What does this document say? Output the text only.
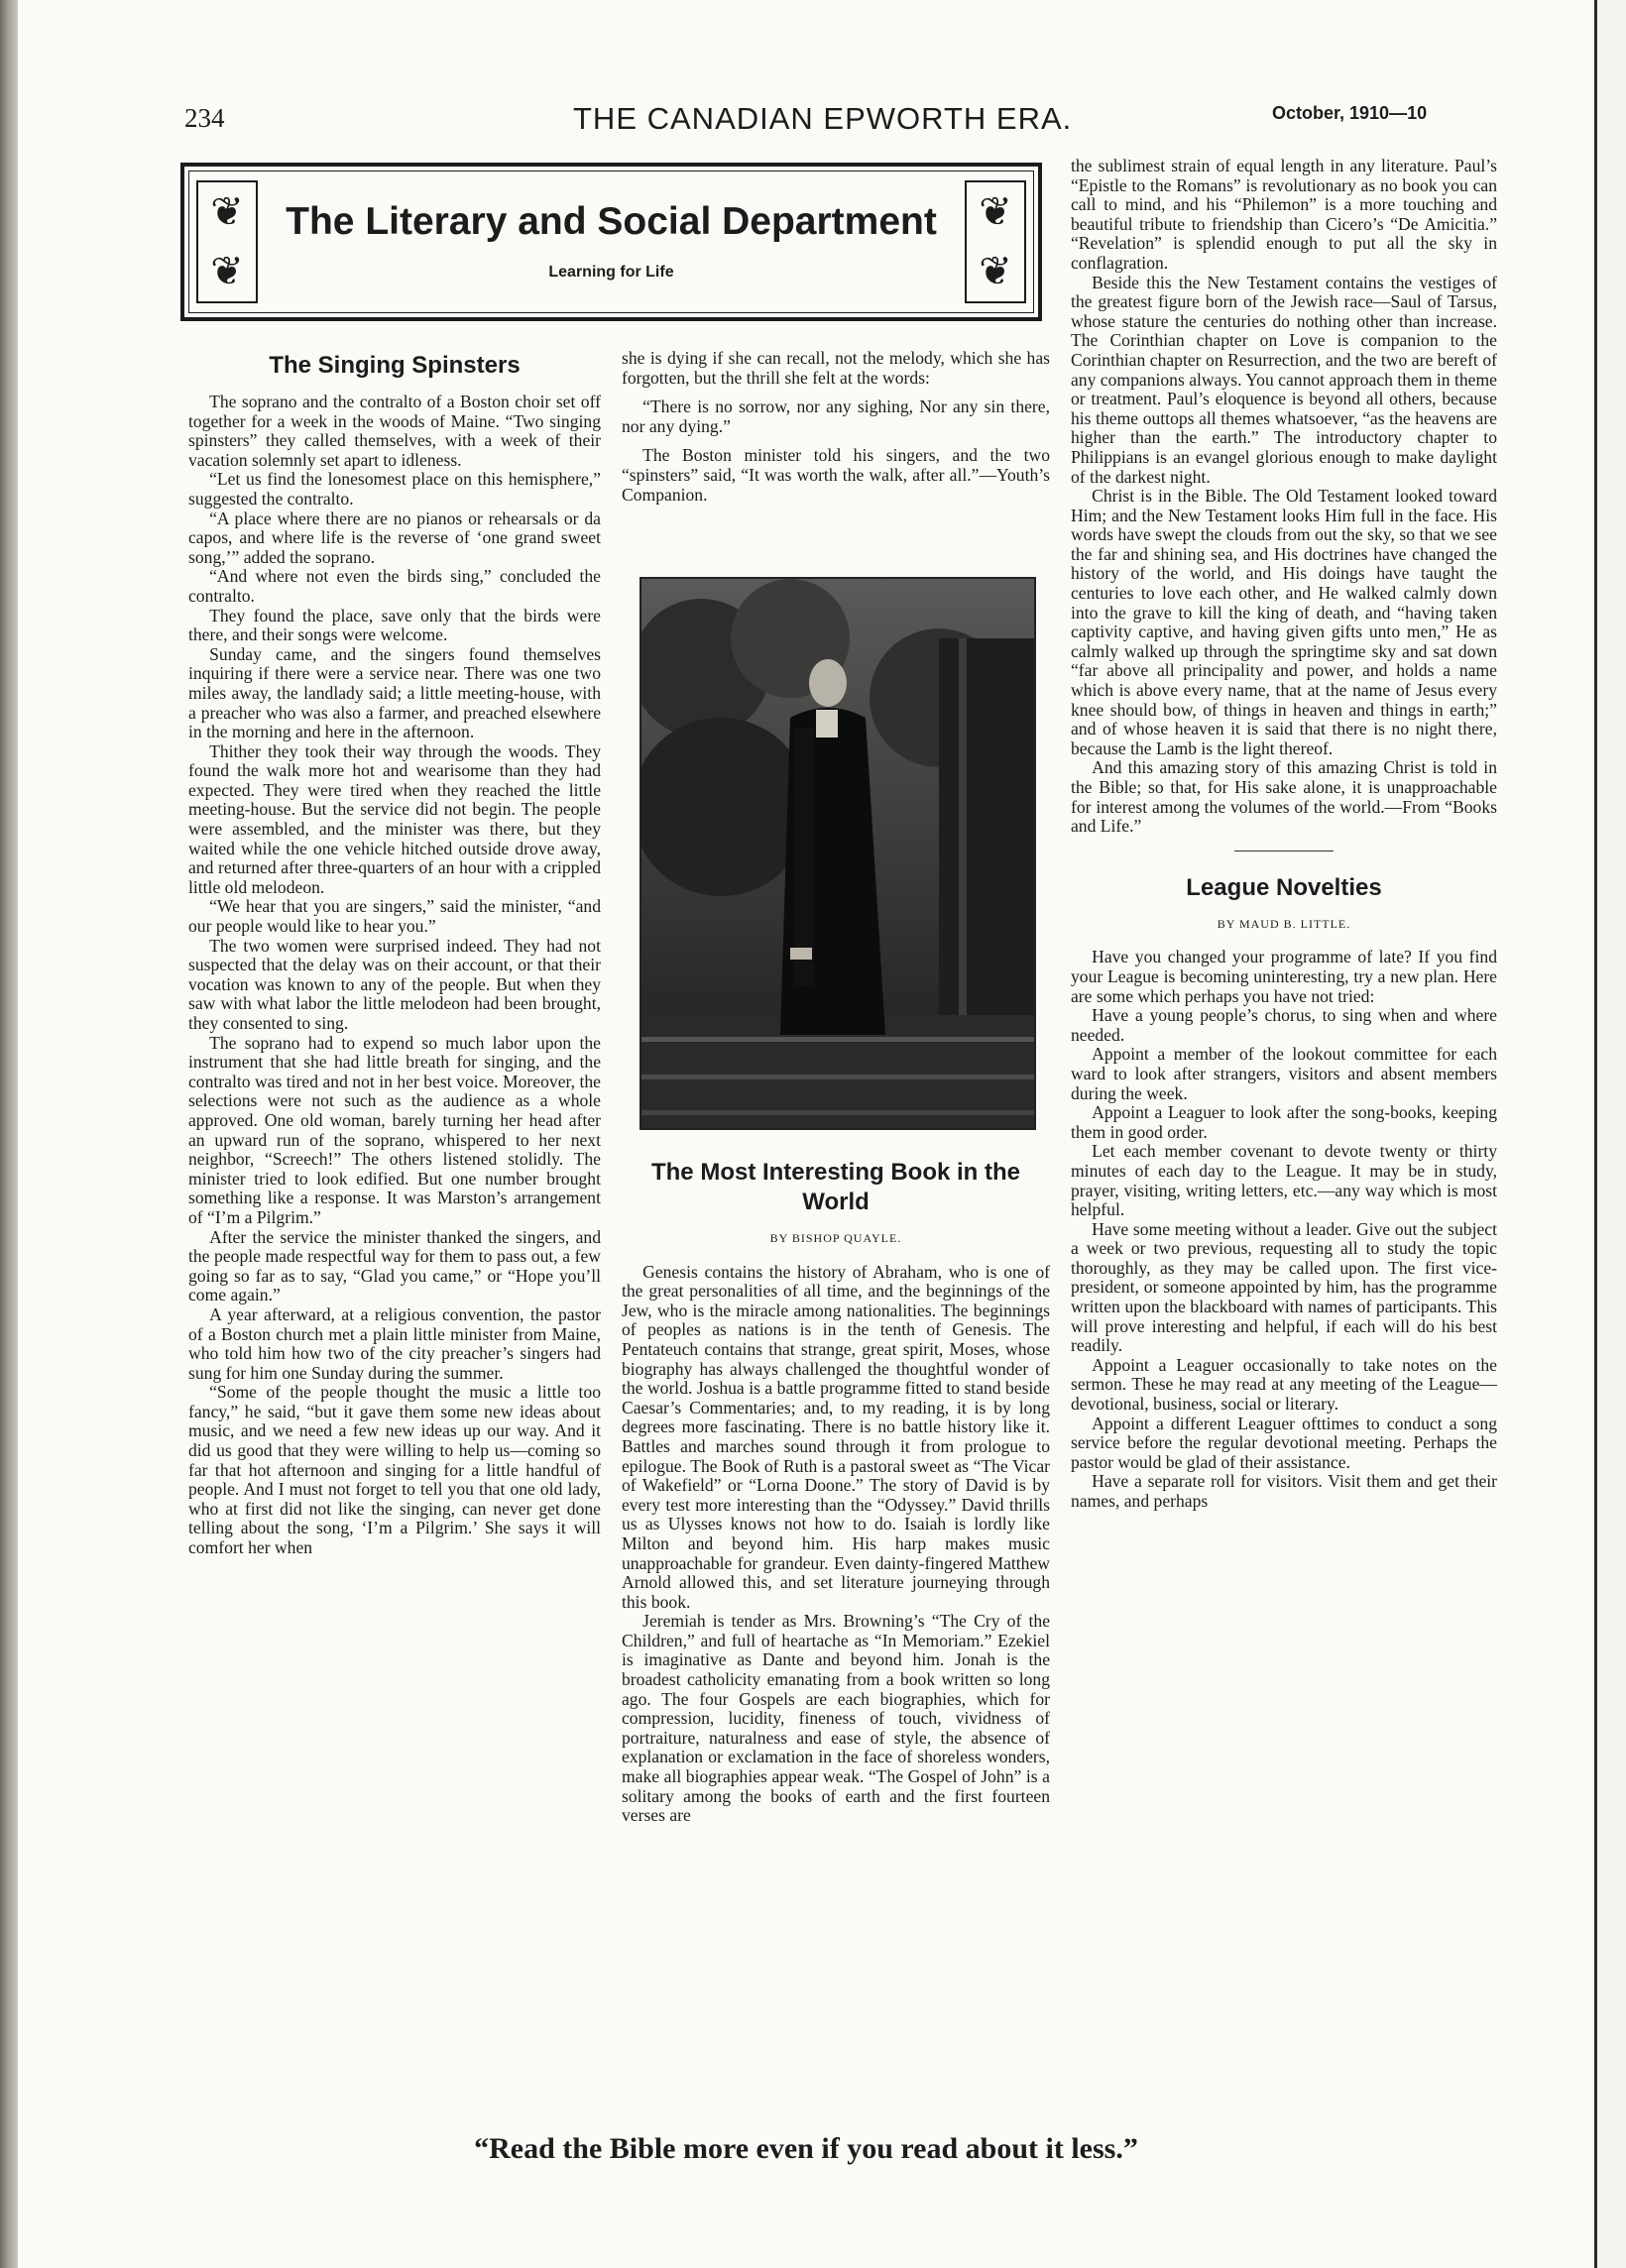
234	THE CANADIAN EPWORTH ERA.	October, 1910—10
❦
❦
The Literary and Social Department
Learning for Life
❦
❦
The Singing Spinsters

The soprano and the contralto of a Boston choir set off together for a week in the woods of Maine. “Two singing spinsters” they called themselves, with a week of their vacation solemnly set apart to idleness.

“Let us find the lonesomest place on this hemisphere,” suggested the contralto.

“A place where there are no pianos or rehearsals or da capos, and where life is the reverse of ‘one grand sweet song,’” added the soprano.

“And where not even the birds sing,” concluded the contralto.

They found the place, save only that the birds were there, and their songs were welcome.

Sunday came, and the singers found themselves inquiring if there were a service near. There was one two miles away, the landlady said; a little meeting-house, with a preacher who was also a farmer, and preached elsewhere in the morning and here in the afternoon.

Thither they took their way through the woods. They found the walk more hot and wearisome than they had expected. They were tired when they reached the little meeting-house. But the service did not begin. The people were assembled, and the minister was there, but they waited while the one vehicle hitched outside drove away, and returned after three-quarters of an hour with a crippled little old melodeon.

“We hear that you are singers,” said the minister, “and our people would like to hear you.”

The two women were surprised indeed. They had not suspected that the delay was on their account, or that their vocation was known to any of the people. But when they saw with what labor the little melodeon had been brought, they consented to sing.

The soprano had to expend so much labor upon the instrument that she had little breath for singing, and the contralto was tired and not in her best voice. Moreover, the selections were not such as the audience as a whole approved. One old woman, barely turning her head after an upward run of the soprano, whispered to her next neighbor, “Screech!” The others listened stolidly. The minister tried to look edified. But one number brought something like a response. It was Marston’s arrangement of “I’m a Pilgrim.”

After the service the minister thanked the singers, and the people made respectful way for them to pass out, a few going so far as to say, “Glad you came,” or “Hope you’ll come again.”

A year afterward, at a religious convention, the pastor of a Boston church met a plain little minister from Maine, who told him how two of the city preacher’s singers had sung for him one Sunday during the summer.

“Some of the people thought the music a little too fancy,” he said, “but it gave them some new ideas about music, and we need a few new ideas up our way. And it did us good that they were willing to help us—coming so far that hot afternoon and singing for a little handful of people. And I must not forget to tell you that one old lady, who at first did not like the singing, can never get done telling about the song, ‘I’m a Pilgrim.’ She says it will comfort her when

she is dying if she can recall, not the melody, which she has forgotten, but the thrill she felt at the words:

“There is no sorrow, nor any sighing, Nor any sin there, nor any dying.”

The Boston minister told his singers, and the two “spinsters” said, “It was worth the walk, after all.”—Youth’s Companion.

The Most Interesting Book in the World
BY BISHOP QUAYLE.

Genesis contains the history of Abraham, who is one of the great personalities of all time, and the beginnings of the Jew, who is the miracle among nationalities. The beginnings of peoples as nations is in the tenth of Genesis. The Pentateuch contains that strange, great spirit, Moses, whose biography has always challenged the thoughtful wonder of the world. Joshua is a battle programme fitted to stand beside Caesar’s Commentaries; and, to my reading, it is by long degrees more fascinating. There is no battle history like it. Battles and marches sound through it from prologue to epilogue. The Book of Ruth is a pastoral sweet as “The Vicar of Wakefield” or “Lorna Doone.” The story of David is by every test more interesting than the “Odyssey.” David thrills us as Ulysses knows not how to do. Isaiah is lordly like Milton and beyond him. His harp makes music unapproachable for grandeur. Even dainty-fingered Matthew Arnold allowed this, and set literature journeying through this book.

Jeremiah is tender as Mrs. Browning’s “The Cry of the Children,” and full of heartache as “In Memoriam.” Ezekiel is imaginative as Dante and beyond him. Jonah is the broadest catholicity emanating from a book written so long ago. The four Gospels are each biographies, which for compression, lucidity, fineness of touch, vividness of portraiture, naturalness and ease of style, the absence of explanation or exclamation in the face of shoreless wonders, make all biographies appear weak. “The Gospel of John” is a solitary among the books of earth and the first fourteen verses are

the sublimest strain of equal length in any literature. Paul’s “Epistle to the Romans” is revolutionary as no book you can call to mind, and his “Philemon” is a more touching and beautiful tribute to friendship than Cicero’s “De Amicitia.” “Revelation” is splendid enough to put all the sky in conflagration.

Beside this the New Testament contains the vestiges of the greatest figure born of the Jewish race—Saul of Tarsus, whose stature the centuries do nothing other than increase. The Corinthian chapter on Love is companion to the Corinthian chapter on Resurrection, and the two are bereft of any companions always. You cannot approach them in theme or treatment. Paul’s eloquence is beyond all others, because his theme outtops all themes whatsoever, “as the heavens are higher than the earth.” The introductory chapter to Philippians is an evangel glorious enough to make daylight of the darkest night.

Christ is in the Bible. The Old Testament looked toward Him; and the New Testament looks Him full in the face. His words have swept the clouds from out the sky, so that we see the far and shining sea, and His doctrines have changed the history of the world, and His doings have taught the centuries to love each other, and He walked calmly down into the grave to kill the king of death, and “having taken captivity captive, and having given gifts unto men,” He as calmly walked up through the springtime sky and sat down “far above all principality and power, and holds a name which is above every name, that at the name of Jesus every knee should bow, of things in heaven and things in earth;” and of whose heaven it is said that there is no night there, because the Lamb is the light thereof.

And this amazing story of this amazing Christ is told in the Bible; so that, for His sake alone, it is unapproachable for interest among the volumes of the world.—From “Books and Life.”

League Novelties
BY MAUD B. LITTLE.

Have you changed your programme of late? If you find your League is becoming uninteresting, try a new plan. Here are some which perhaps you have not tried:

Have a young people’s chorus, to sing when and where needed.

Appoint a member of the lookout committee for each ward to look after strangers, visitors and absent members during the week.

Appoint a Leaguer to look after the song-books, keeping them in good order.

Let each member covenant to devote twenty or thirty minutes of each day to the League. It may be in study, prayer, visiting, writing letters, etc.—any way which is most helpful.

Have some meeting without a leader. Give out the subject a week or two previous, requesting all to study the topic thoroughly, as they may be called upon. The first vice-president, or someone appointed by him, has the programme written upon the blackboard with names of participants. This will prove interesting and helpful, if each will do his best readily.

Appoint a Leaguer occasionally to take notes on the sermon. These he may read at any meeting of the League—devotional, business, social or literary.

Appoint a different Leaguer ofttimes to conduct a song service before the regular devotional meeting. Perhaps the pastor would be glad of their assistance.

Have a separate roll for visitors. Visit them and get their names, and perhaps

“Read the Bible more even if you read about it less.”
